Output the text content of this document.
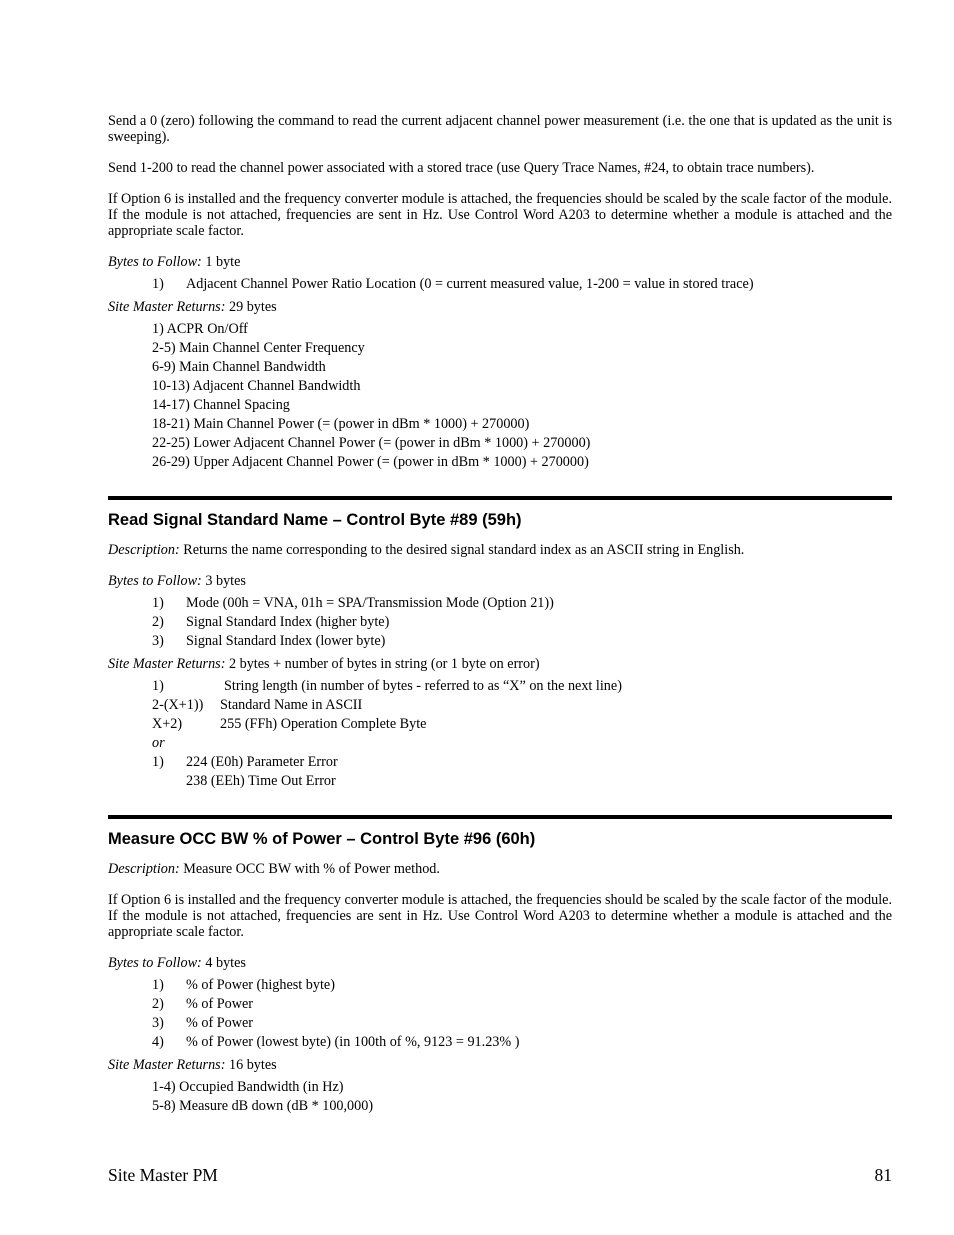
Send a 0 (zero) following the command to read the current adjacent channel power measurement (i.e. the one that is updated as the unit is sweeping).

Send 1-200 to read the channel power associated with a stored trace (use Query Trace Names, #24, to obtain trace numbers).

If Option 6 is installed and the frequency converter module is attached, the frequencies should be scaled by the scale factor of the module. If the module is not attached, frequencies are sent in Hz. Use Control Word A203 to determine whether a module is attached and the appropriate scale factor.

Bytes to Follow: 1 byte

1) Adjacent Channel Power Ratio Location (0 = current measured value, 1-200 = value in stored trace)

Site Master Returns: 29 bytes

1) ACPR On/Off
2-5) Main Channel Center Frequency
6-9) Main Channel Bandwidth
10-13) Adjacent Channel Bandwidth
14-17) Channel Spacing
18-21) Main Channel Power (= (power in dBm * 1000) + 270000)
22-25) Lower Adjacent Channel Power (= (power in dBm * 1000) + 270000)
26-29) Upper Adjacent Channel Power (= (power in dBm * 1000) + 270000)
Read Signal Standard Name – Control Byte #89 (59h)

Description: Returns the name corresponding to the desired signal standard index as an ASCII string in English.

Bytes to Follow: 3 bytes

1) Mode (00h = VNA, 01h = SPA/Transmission Mode (Option 21))
2) Signal Standard Index (higher byte)
3) Signal Standard Index (lower byte)

Site Master Returns: 2 bytes + number of bytes in string (or 1 byte on error)

1)	String length (in number of bytes - referred to as “X” on the next line)
2-(X+1)) Standard Name in ASCII
X+2)	255 (FFh) Operation Complete Byte
or
1) 224 (E0h) Parameter Error
238 (EEh) Time Out Error
Measure OCC BW % of Power – Control Byte #96 (60h)

Description: Measure OCC BW with % of Power method.

If Option 6 is installed and the frequency converter module is attached, the frequencies should be scaled by the scale factor of the module. If the module is not attached, frequencies are sent in Hz. Use Control Word A203 to determine whether a module is attached and the appropriate scale factor.

Bytes to Follow: 4 bytes

1) % of Power (highest byte)
2) % of Power
3) % of Power
4) % of Power (lowest byte) (in 100th of %, 9123 = 91.23% )

Site Master Returns: 16 bytes

1-4) Occupied Bandwidth (in Hz)
5-8) Measure dB down (dB * 100,000)
Site Master PM	81
